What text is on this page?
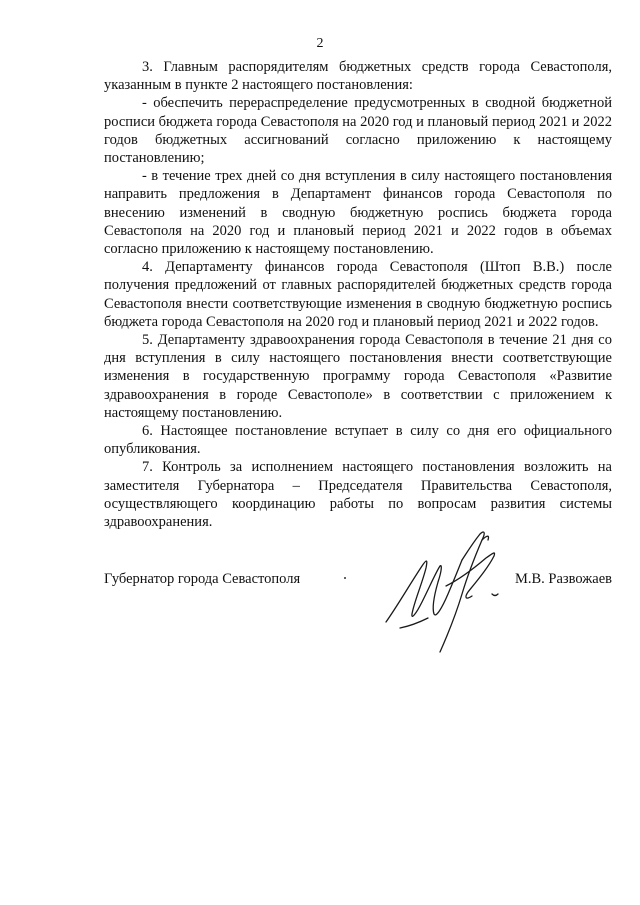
2

3. Главным распорядителям бюджетных средств города Севастополя, указанным в пункте 2 настоящего постановления:

- обеспечить перераспределение предусмотренных в сводной бюджетной росписи бюджета города Севастополя на 2020 год и плановый период 2021 и 2022 годов бюджетных ассигнований согласно приложению к настоящему постановлению;

- в течение трех дней со дня вступления в силу настоящего постановления направить предложения в Департамент финансов города Севастополя по внесению изменений в сводную бюджетную роспись бюджета города Севастополя на 2020 год и плановый период 2021 и 2022 годов в объемах согласно приложению к настоящему постановлению.

4. Департаменту финансов города Севастополя (Штоп В.В.) после получения предложений от главных распорядителей бюджетных средств города Севастополя внести соответствующие изменения в сводную бюджетную роспись бюджета города Севастополя на 2020 год и плановый период 2021 и 2022 годов.

5. Департаменту здравоохранения города Севастополя в течение 21 дня со дня вступления в силу настоящего постановления внести соответствующие изменения в государственную программу города Севастополя «Развитие здравоохранения в городе Севастополе» в соответствии с приложением к настоящему постановлению.

6. Настоящее постановление вступает в силу со дня его официального опубликования.

7. Контроль за исполнением настоящего постановления возложить на заместителя Губернатора – Председателя Правительства Севастополя, осуществляющего координацию работы по вопросам развития системы здравоохранения.

Губернатор города Севастополя	М.В. Развожаев
